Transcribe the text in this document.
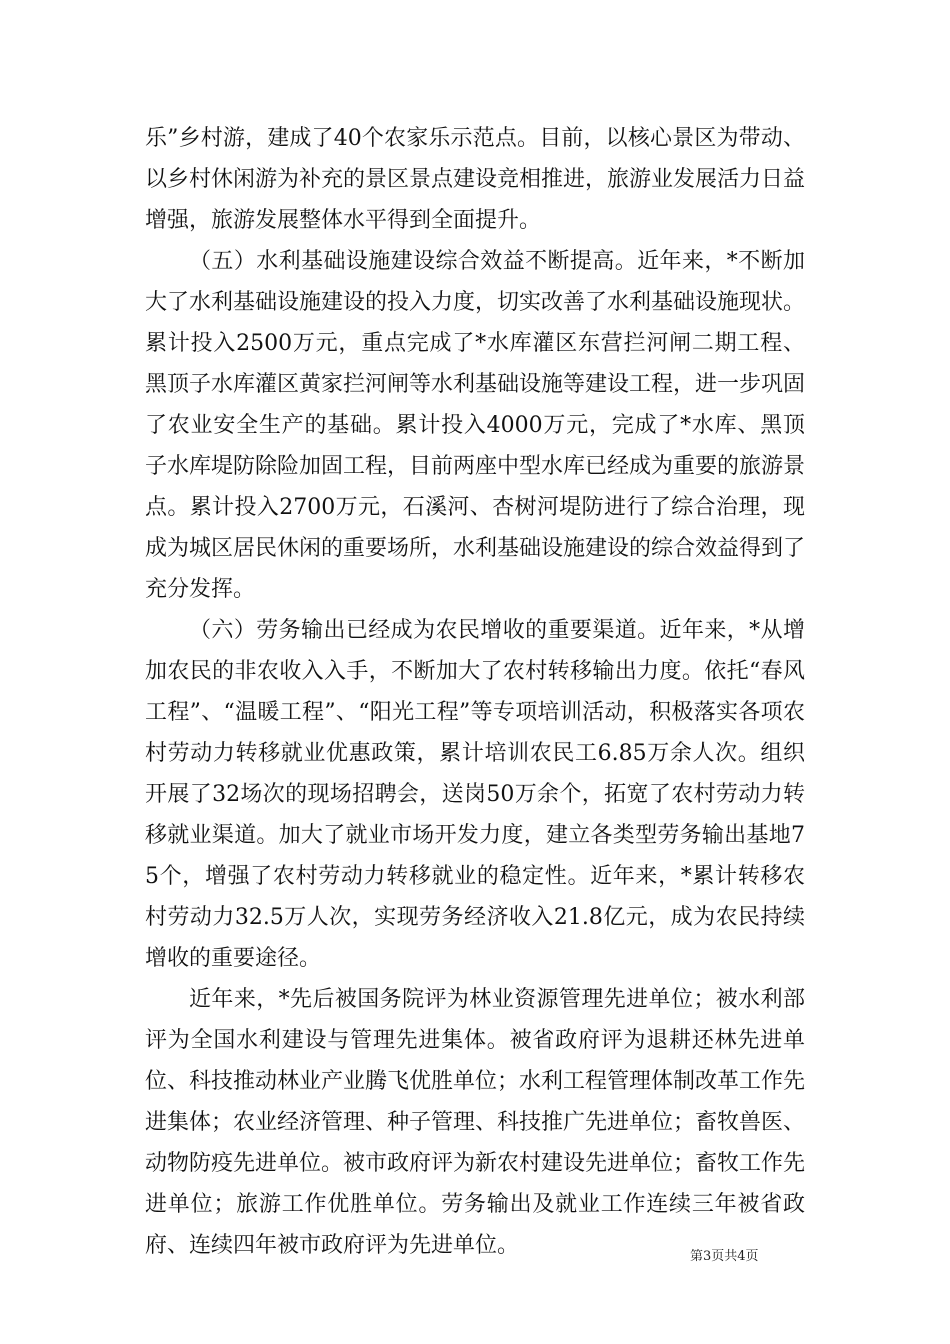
乐”乡村游，建成了40个农家乐示范点。目前，以核心景区为带动、以乡村休闲游为补充的景区景点建设竞相推进，旅游业发展活力日益增强，旅游发展整体水平得到全面提升。

（五）水利基础设施建设综合效益不断提高。近年来，*不断加大了水利基础设施建设的投入力度，切实改善了水利基础设施现状。累计投入2500万元，重点完成了*水库灌区东营拦河闸二期工程、黑顶子水库灌区黄家拦河闸等水利基础设施等建设工程，进一步巩固了农业安全生产的基础。累计投入4000万元，完成了*水库、黑顶子水库堤防除险加固工程，目前两座中型水库已经成为重要的旅游景点。累计投入2700万元，石溪河、杏树河堤防进行了综合治理，现成为城区居民休闲的重要场所，水利基础设施建设的综合效益得到了充分发挥。

（六）劳务输出已经成为农民增收的重要渠道。近年来，*从增加农民的非农收入入手，不断加大了农村转移输出力度。依托“春风工程”、“温暖工程”、“阳光工程”等专项培训活动，积极落实各项农村劳动力转移就业优惠政策，累计培训农民工6.85万余人次。组织开展了32场次的现场招聘会，送岗50万余个，拓宽了农村劳动力转移就业渠道。加大了就业市场开发力度，建立各类型劳务输出基地75个，增强了农村劳动力转移就业的稳定性。近年来，*累计转移农村劳动力32.5万人次，实现劳务经济收入21.8亿元，成为农民持续增收的重要途径。

近年来，*先后被国务院评为林业资源管理先进单位；被水利部评为全国水利建设与管理先进集体。被省政府评为退耕还林先进单位、科技推动林业产业腾飞优胜单位；水利工程管理体制改革工作先进集体；农业经济管理、种子管理、科技推广先进单位；畜牧兽医、动物防疫先进单位。被市政府评为新农村建设先进单位；畜牧工作先进单位；旅游工作优胜单位。劳务输出及就业工作连续三年被省政府、连续四年被市政府评为先进单位。	第3页共4页
